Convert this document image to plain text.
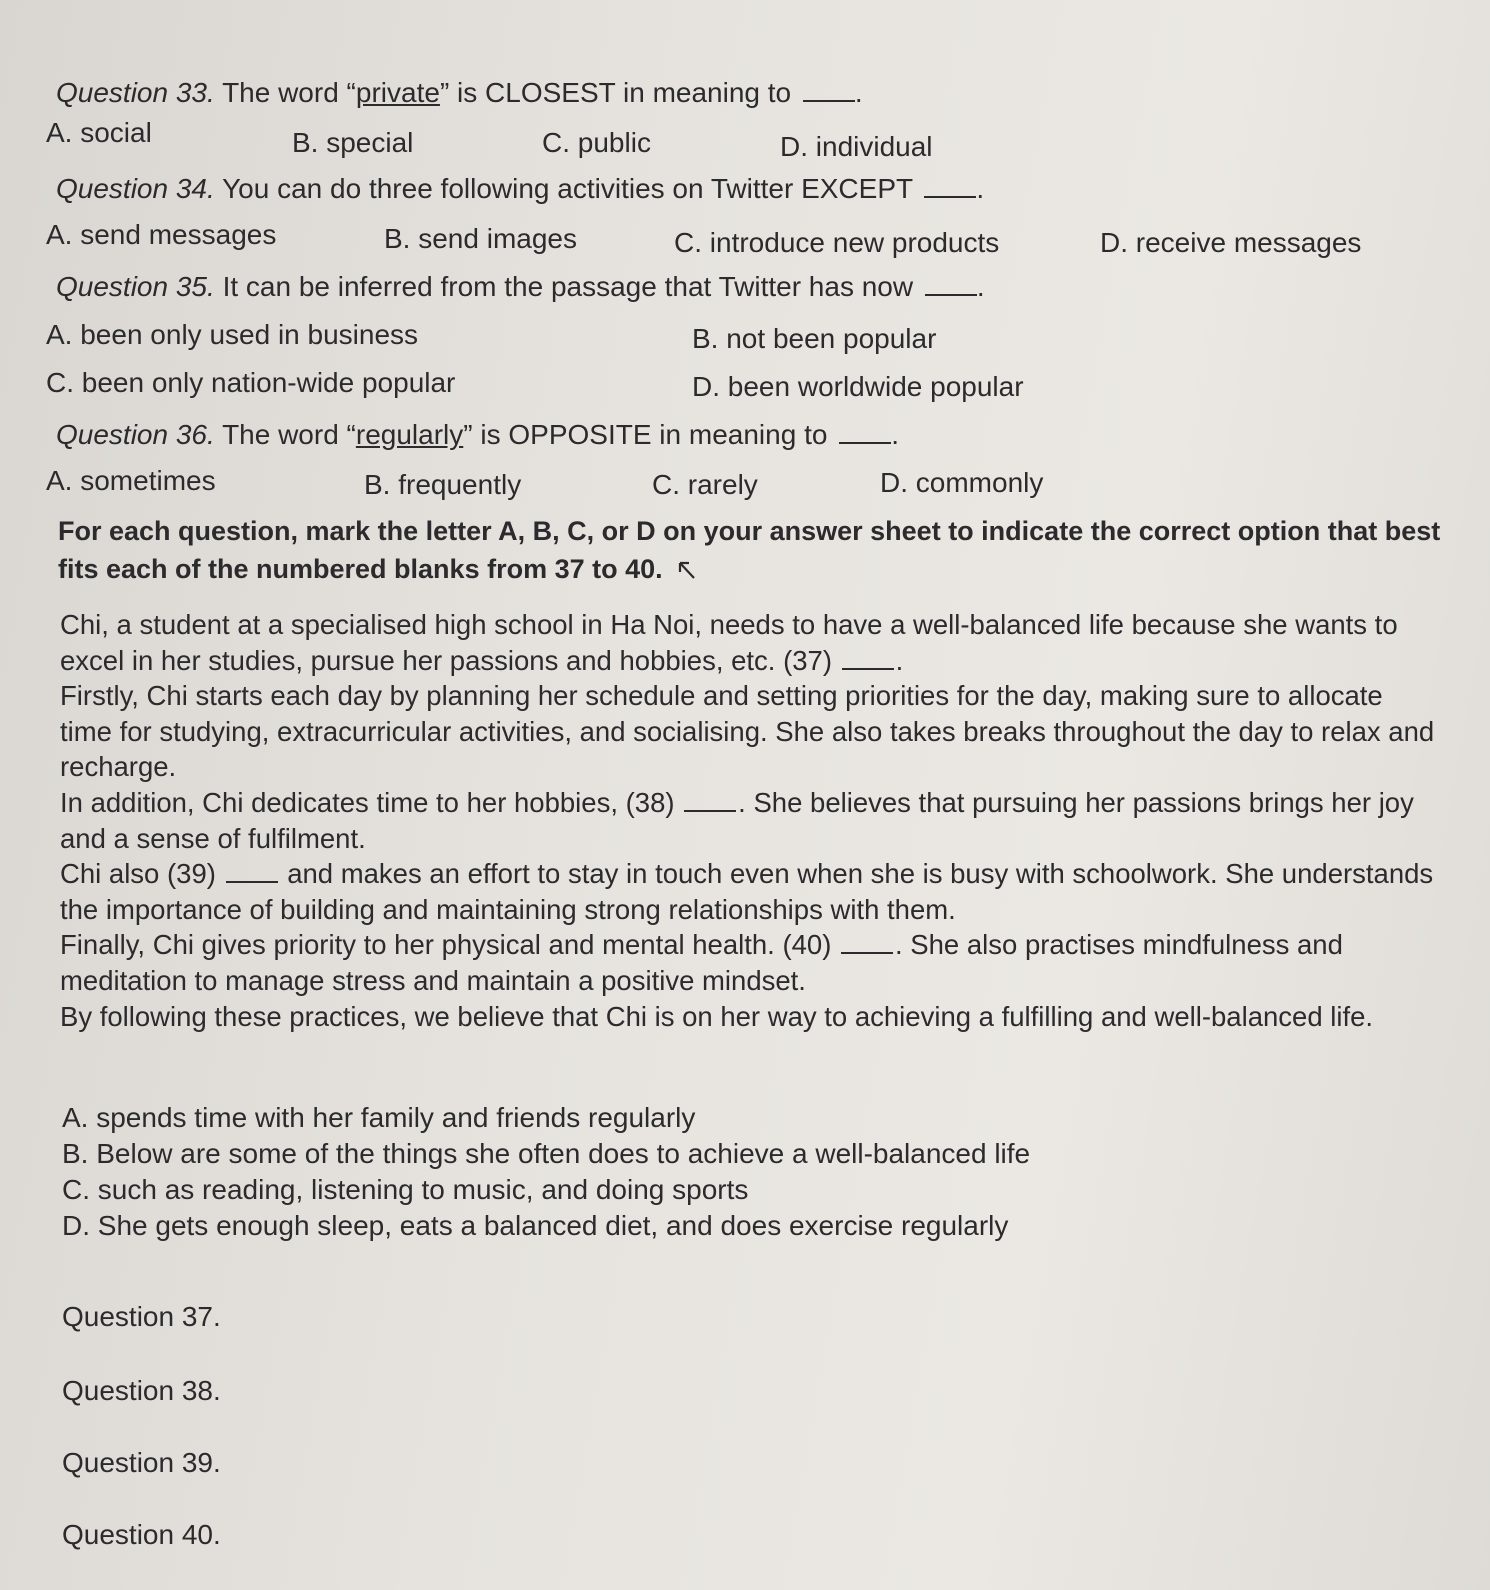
Question 33. The word “private” is CLOSEST in meaning to .
A. social	B. special	C. public	D. individual
Question 34. You can do three following activities on Twitter EXCEPT .
A. send messages	B. send images	C. introduce new products	D. receive messages
Question 35. It can be inferred from the passage that Twitter has now .
A. been only used in business	B. not been popular
C. been only nation-wide popular	D. been worldwide popular
Question 36. The word “regularly” is OPPOSITE in meaning to .
A. sometimes	B. frequently	C. rarely	D. commonly
For each question, mark the letter A, B, C, or D on your answer sheet to indicate the correct option that best fits each of the numbered blanks from 37 to 40.

Chi, a student at a specialised high school in Ha Noi, needs to have a well-balanced life because she wants to excel in her studies, pursue her passions and hobbies, etc. (37) .

Firstly, Chi starts each day by planning her schedule and setting priorities for the day, making sure to allocate time for studying, extracurricular activities, and socialising. She also takes breaks throughout the day to relax and recharge.

In addition, Chi dedicates time to her hobbies, (38) . She believes that pursuing her passions brings her joy and a sense of fulfilment.

Chi also (39)	and makes an effort to stay in touch even when she is busy with schoolwork. She understands the importance of building and maintaining strong relationships with them.

Finally, Chi gives priority to her physical and mental health. (40) . She also practises mindfulness and meditation to manage stress and maintain a positive mindset.

By following these practices, we believe that Chi is on her way to achieving a fulfilling and well-balanced life.

A. spends time with her family and friends regularly
B. Below are some of the things she often does to achieve a well-balanced life
C. such as reading, listening to music, and doing sports
D. She gets enough sleep, eats a balanced diet, and does exercise regularly
Question 37.
Question 38.
Question 39.
Question 40.
